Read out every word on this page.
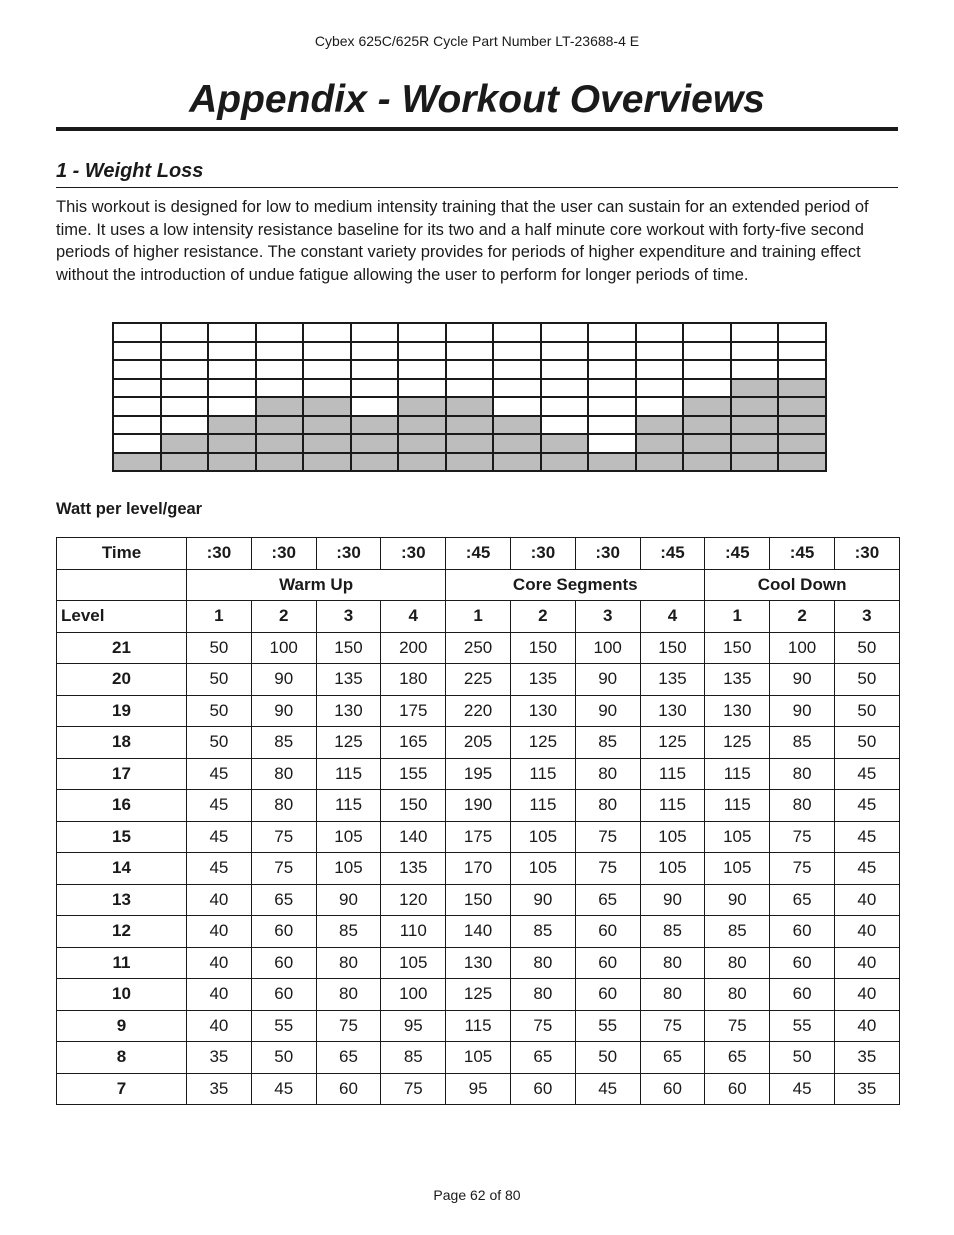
Cybex 625C/625R Cycle Part Number LT-23688-4 E
Appendix - Workout Overviews
1 - Weight Loss

This workout is designed for low to medium intensity training that the user can sustain for an extended period of time. It uses a low intensity resistance baseline for its two and a half minute core workout with forty-five second periods of higher resistance. The constant variety provides for periods of higher expenditure and training effect without the introduction of undue fatigue allowing the user to perform for longer periods of time.

Watt per level/gear

Time	:30	:30	:30	:30	:45	:30	:30	:45	:45	:45	:30
	Warm Up				Core Segments				Cool Down		
Level	1	2	3	4	1	2	3	4	1	2	3
21	50	100	150	200	250	150	100	150	150	100	50
20	50	90	135	180	225	135	90	135	135	90	50
19	50	90	130	175	220	130	90	130	130	90	50
18	50	85	125	165	205	125	85	125	125	85	50
17	45	80	115	155	195	115	80	115	115	80	45
16	45	80	115	150	190	115	80	115	115	80	45
15	45	75	105	140	175	105	75	105	105	75	45
14	45	75	105	135	170	105	75	105	105	75	45
13	40	65	90	120	150	90	65	90	90	65	40
12	40	60	85	110	140	85	60	85	85	60	40
11	40	60	80	105	130	80	60	80	80	60	40
10	40	60	80	100	125	80	60	80	80	60	40
9	40	55	75	95	115	75	55	75	75	55	40
8	35	50	65	85	105	65	50	65	65	50	35
7	35	45	60	75	95	60	45	60	60	45	35
Page 62 of 80
